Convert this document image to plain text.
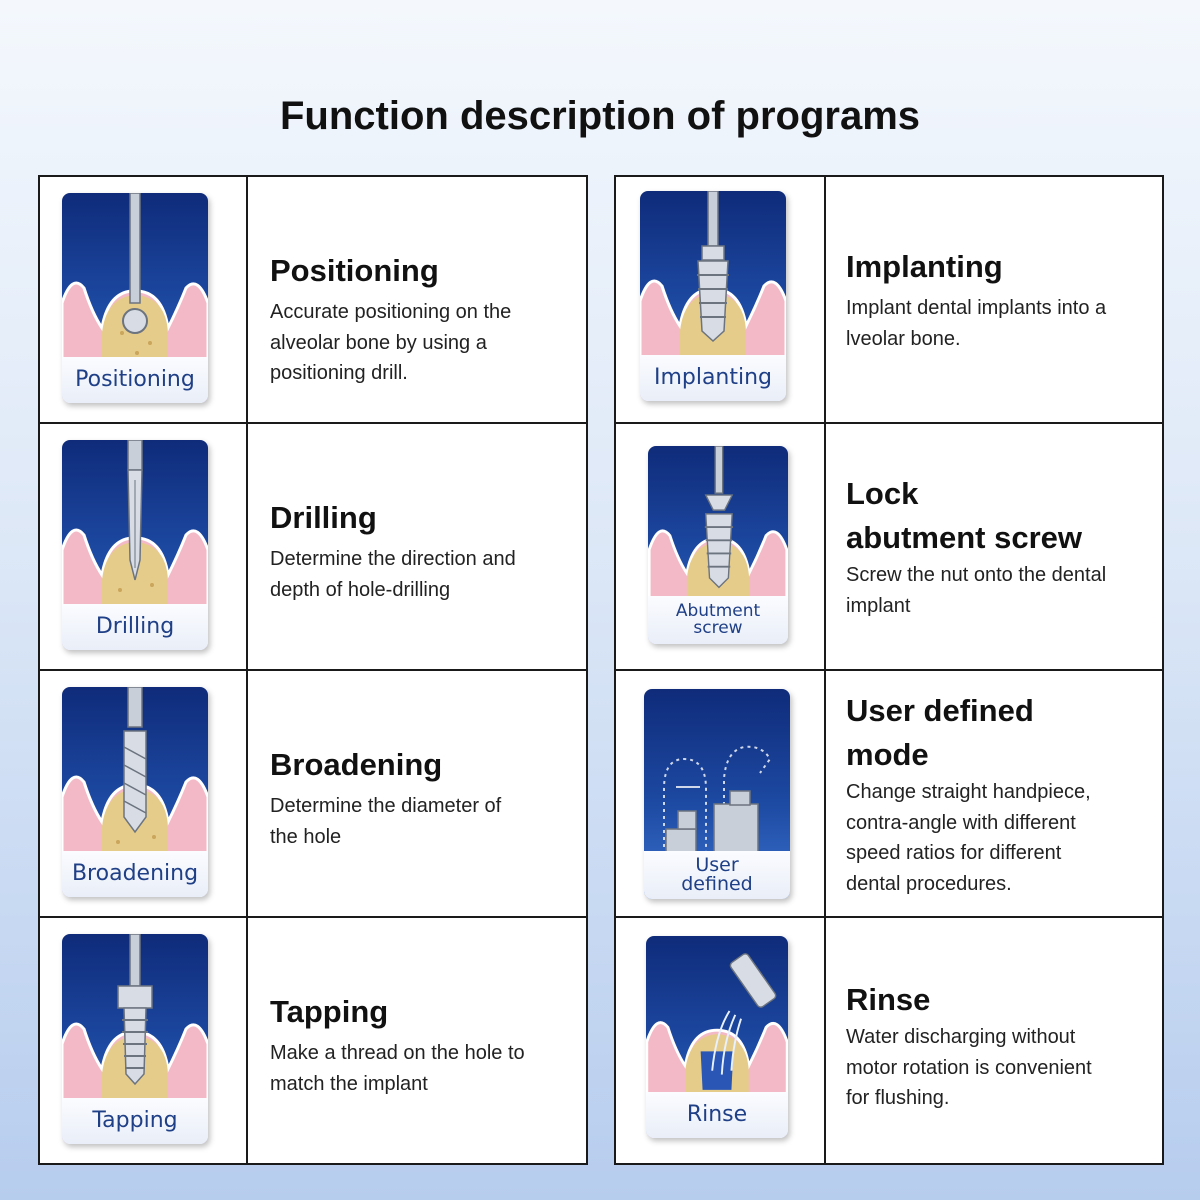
Function description of programs
Positioning
Positioning

Accurate positioning on the
alveolar bone by using a
positioning drill.

Drilling
Drilling

Determine the direction and
depth of hole-drilling

Broadening
Broadening

Determine the diameter of
the hole

Tapping
Tapping

Make a thread on the hole to
match the implant

Implanting
Implanting

Implant dental implants into a
lveolar bone.

Abutment
screw
Lock
abutment screw

Screw the nut onto the dental
implant

User
defined
User defined
mode

Change straight handpiece,
contra-angle with different
speed ratios for different
dental procedures.

Rinse
Rinse

Water discharging without
motor rotation is convenient
for flushing.
